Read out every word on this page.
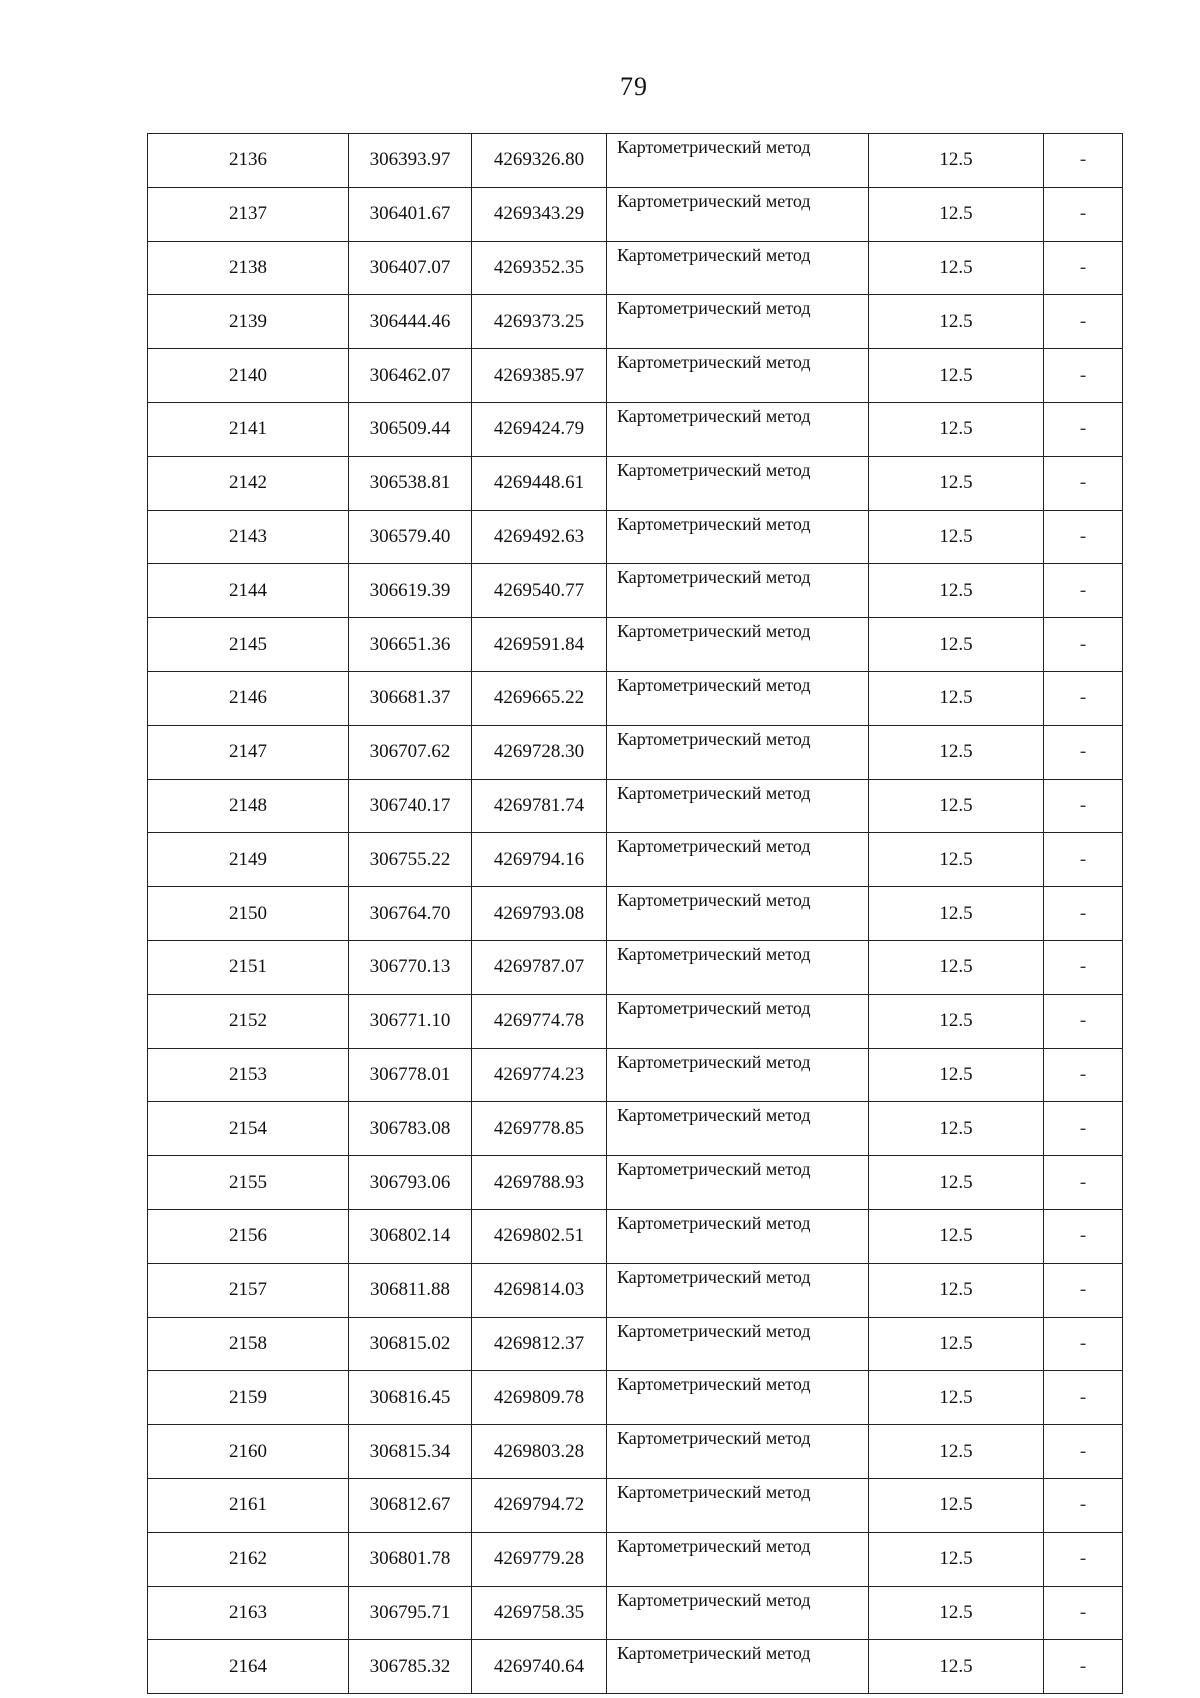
79
2136	306393.97	4269326.80	Картометрический метод	12.5	-
2137	306401.67	4269343.29	Картометрический метод	12.5	-
2138	306407.07	4269352.35	Картометрический метод	12.5	-
2139	306444.46	4269373.25	Картометрический метод	12.5	-
2140	306462.07	4269385.97	Картометрический метод	12.5	-
2141	306509.44	4269424.79	Картометрический метод	12.5	-
2142	306538.81	4269448.61	Картометрический метод	12.5	-
2143	306579.40	4269492.63	Картометрический метод	12.5	-
2144	306619.39	4269540.77	Картометрический метод	12.5	-
2145	306651.36	4269591.84	Картометрический метод	12.5	-
2146	306681.37	4269665.22	Картометрический метод	12.5	-
2147	306707.62	4269728.30	Картометрический метод	12.5	-
2148	306740.17	4269781.74	Картометрический метод	12.5	-
2149	306755.22	4269794.16	Картометрический метод	12.5	-
2150	306764.70	4269793.08	Картометрический метод	12.5	-
2151	306770.13	4269787.07	Картометрический метод	12.5	-
2152	306771.10	4269774.78	Картометрический метод	12.5	-
2153	306778.01	4269774.23	Картометрический метод	12.5	-
2154	306783.08	4269778.85	Картометрический метод	12.5	-
2155	306793.06	4269788.93	Картометрический метод	12.5	-
2156	306802.14	4269802.51	Картометрический метод	12.5	-
2157	306811.88	4269814.03	Картометрический метод	12.5	-
2158	306815.02	4269812.37	Картометрический метод	12.5	-
2159	306816.45	4269809.78	Картометрический метод	12.5	-
2160	306815.34	4269803.28	Картометрический метод	12.5	-
2161	306812.67	4269794.72	Картометрический метод	12.5	-
2162	306801.78	4269779.28	Картометрический метод	12.5	-
2163	306795.71	4269758.35	Картометрический метод	12.5	-
2164	306785.32	4269740.64	Картометрический метод	12.5	-
